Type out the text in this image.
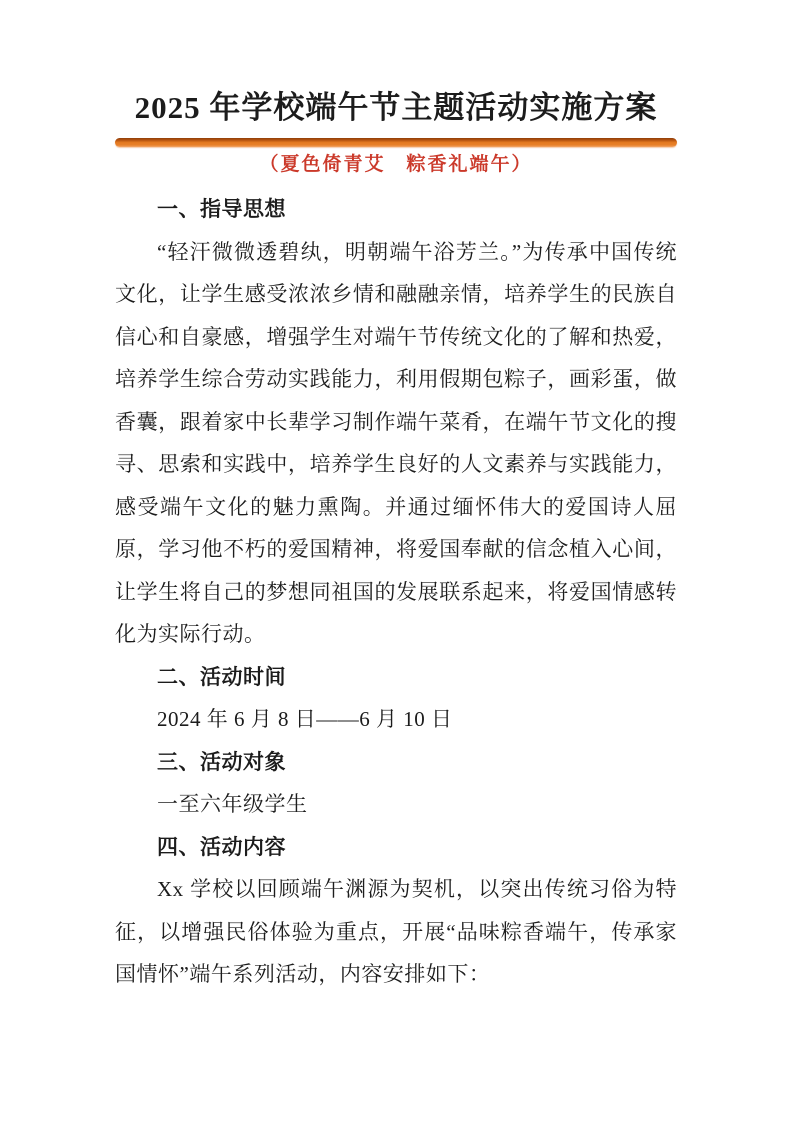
2025 年学校端午节主题活动实施方案
（夏色倚青艾　粽香礼端午）
一、指导思想

“轻汗微微透碧纨，明朝端午浴芳兰。”为传承中国传统文化，让学生感受浓浓乡情和融融亲情，培养学生的民族自信心和自豪感，增强学生对端午节传统文化的了解和热爱，培养学生综合劳动实践能力，利用假期包粽子，画彩蛋，做香囊，跟着家中长辈学习制作端午菜肴，在端午节文化的搜寻、思索和实践中，培养学生良好的人文素养与实践能力，感受端午文化的魅力熏陶。并通过缅怀伟大的爱国诗人屈原，学习他不朽的爱国精神，将爱国奉献的信念植入心间，让学生将自己的梦想同祖国的发展联系起来，将爱国情感转化为实际行动。

二、活动时间

2024 年 6 月 8 日——6 月 10 日

三、活动对象

一至六年级学生

四、活动内容

Xx 学校以回顾端午渊源为契机，以突出传统习俗为特征，以增强民俗体验为重点，开展“品味粽香端午，传承家国情怀”端午系列活动，内容安排如下：
